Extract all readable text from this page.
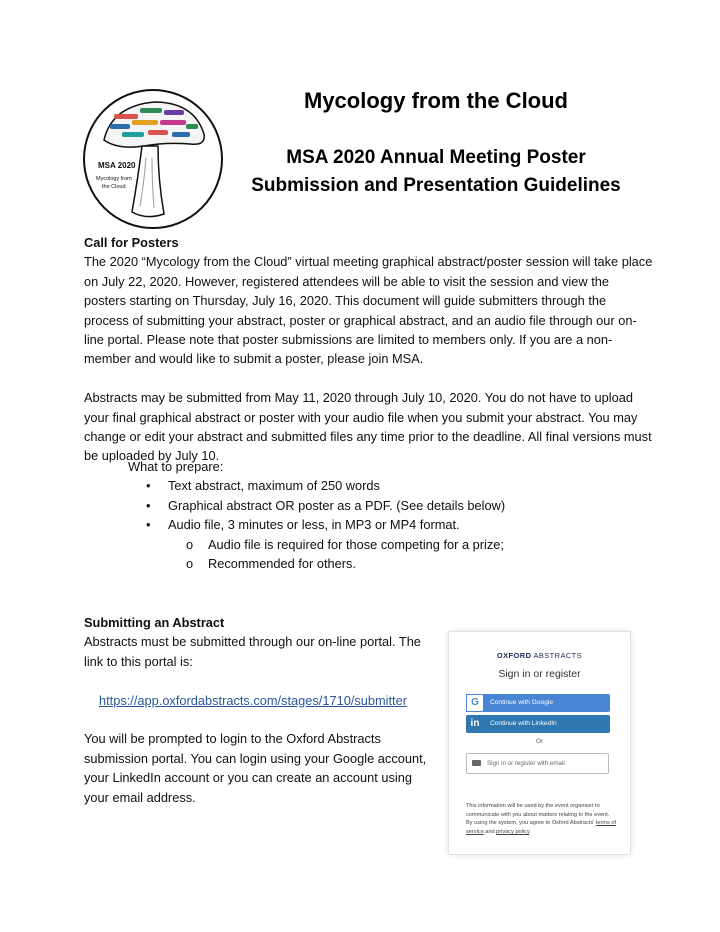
MSA 2020
Mycology from
the Cloud
Mycology from the Cloud
MSA 2020 Annual Meeting Poster
Submission and Presentation Guidelines

Call for Posters

The 2020 “Mycology from the Cloud” virtual meeting graphical abstract/poster session will take place on July 22, 2020. However, registered attendees will be able to visit the session and view the posters starting on Thursday, July 16, 2020. This document will guide submitters through the process of submitting your abstract, poster or graphical abstract, and an audio file through our on-line portal. Please note that poster submissions are limited to members only. If you are a non-member and would like to submit a poster, please join MSA.

Abstracts may be submitted from May 11, 2020 through July 10, 2020. You do not have to upload your final graphical abstract or poster with your audio file when you submit your abstract. You may change or edit your abstract and submitted files any time prior to the deadline. All final versions must be uploaded by July 10.

What to prepare:
• Text abstract, maximum of 250 words
• Graphical abstract OR poster as a PDF. (See details below)
• Audio file, 3 minutes or less, in MP3 or MP4 format.
o Audio file is required for those competing for a prize;
o Recommended for others.

Submitting an Abstract

Abstracts must be submitted through our on-line portal. The link to this portal is:

https://app.oxfordabstracts.com/stages/1710/submitter

You will be prompted to login to the Oxford Abstracts submission portal. You can login using your Google account, your LinkedIn account or you can create an account using your email address.

OXFORD ABSTRACTS
Sign in or register
G	Continue with Google
in	Continue with LinkedIn
Or
Sign in or register with email
This information will be used by the event organiser to communicate with you about matters relating to the event. By using the system, you agree to Oxford Abstracts' terms of service and privacy policy.
